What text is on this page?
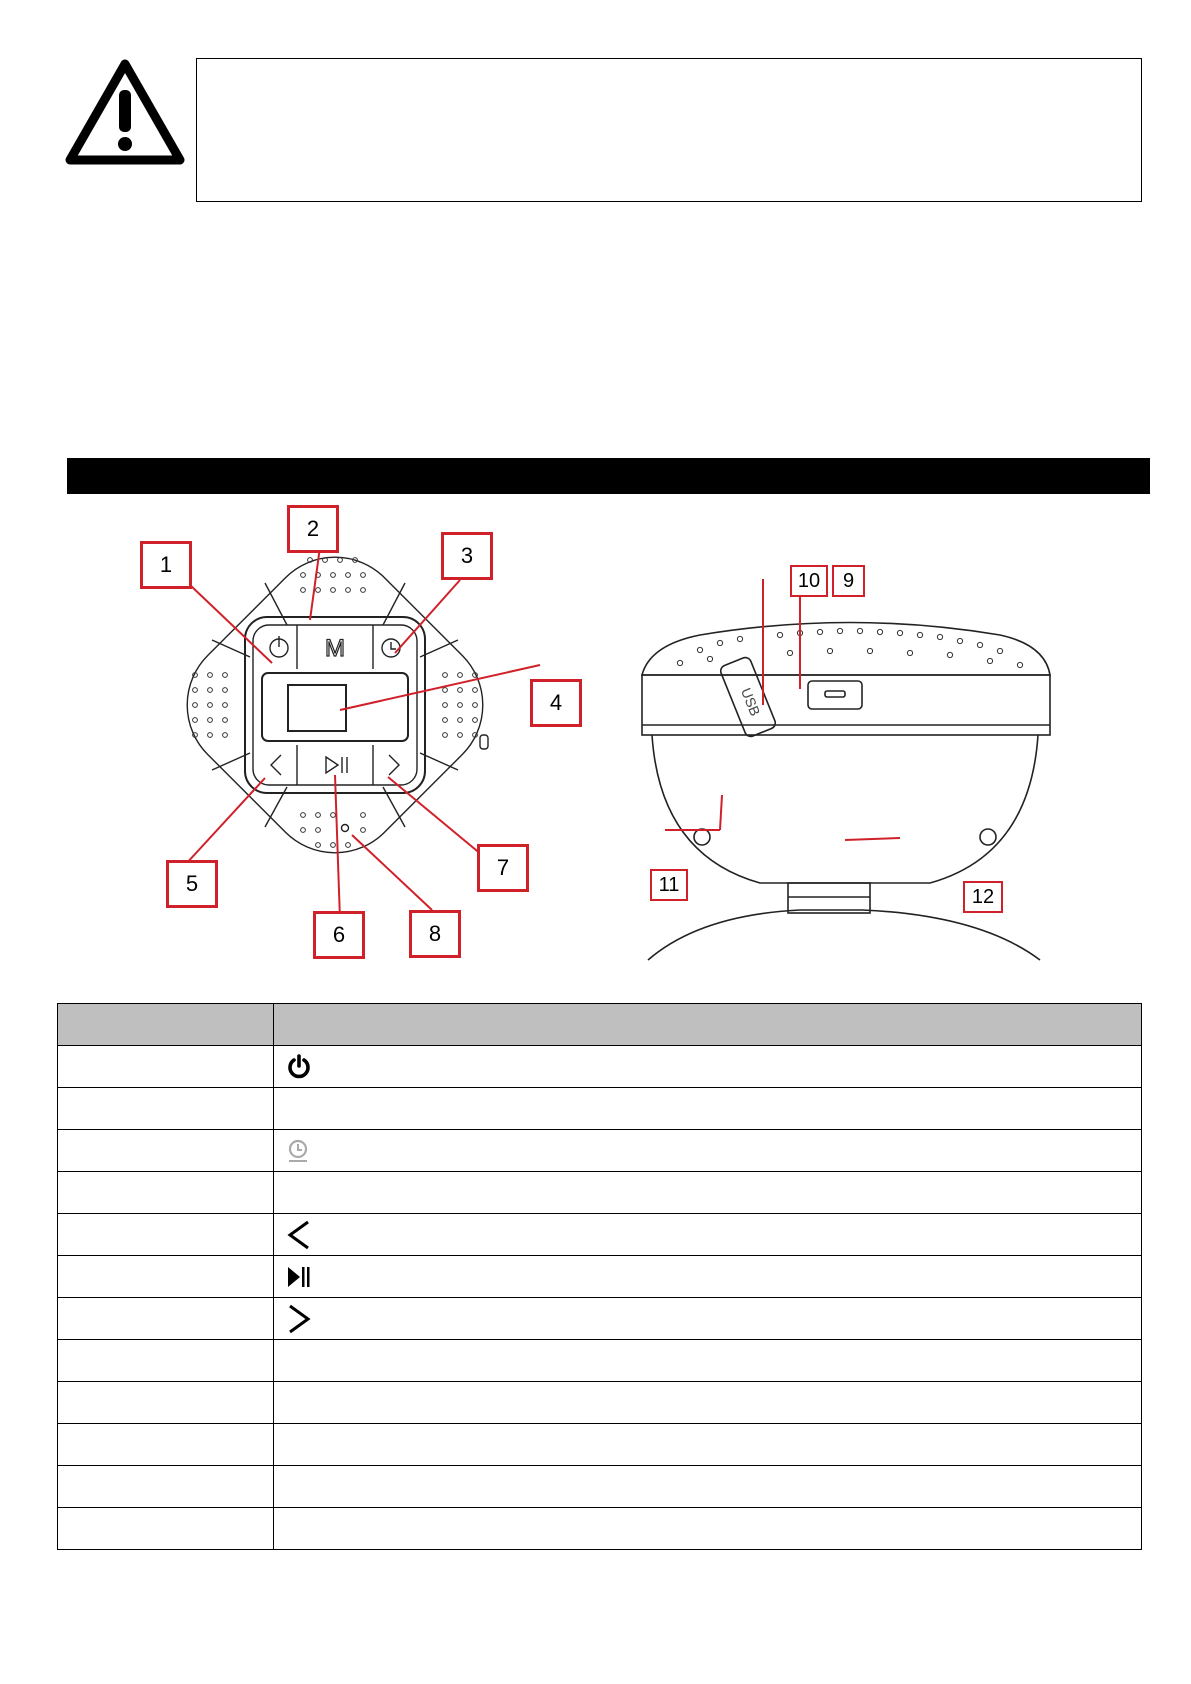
M
USB
1
2
3
4
5
6
7
8
10	9
11
12
